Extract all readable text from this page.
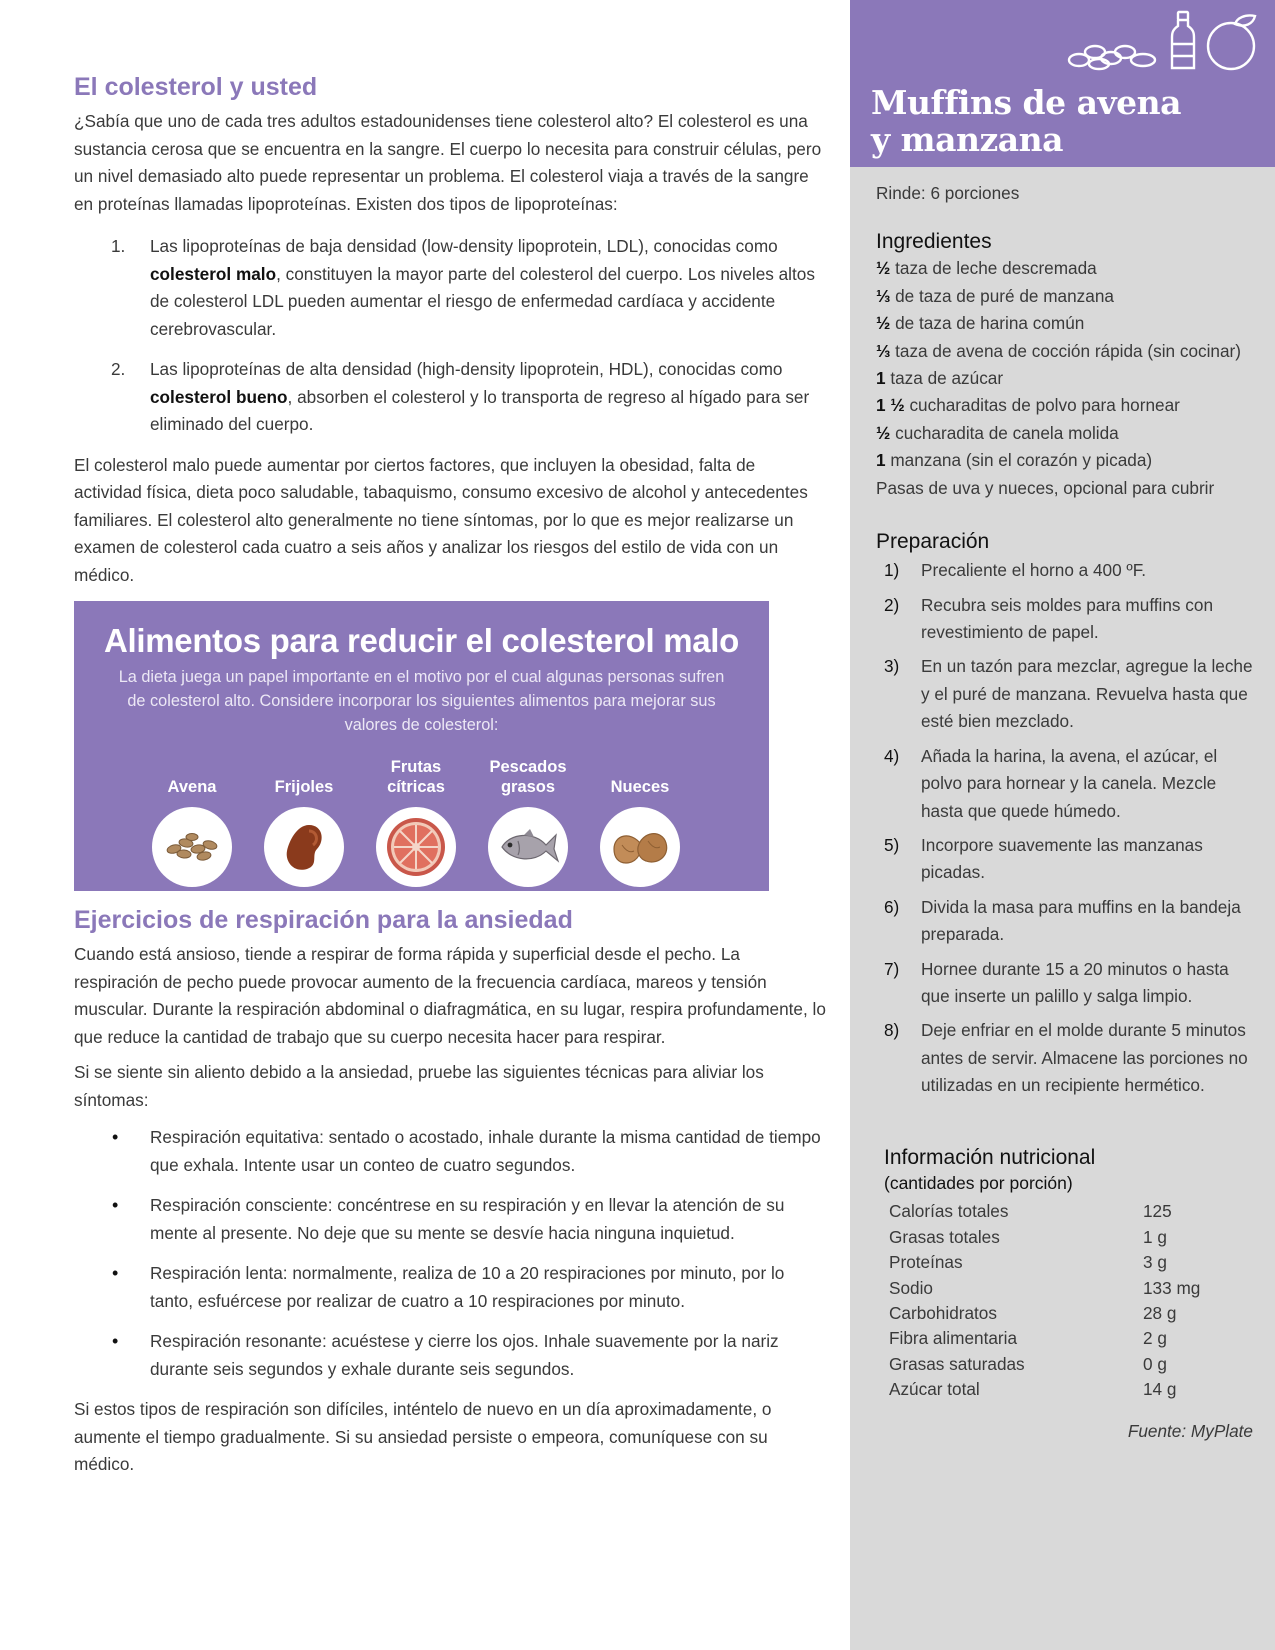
El colesterol y usted

¿Sabía que uno de cada tres adultos estadounidenses tiene colesterol alto? El colesterol es una sustancia cerosa que se encuentra en la sangre. El cuerpo lo necesita para construir células, pero un nivel demasiado alto puede representar un problema. El colesterol viaja a través de la sangre en proteínas llamadas lipoproteínas. Existen dos tipos de lipoproteínas:

1.	Las lipoproteínas de baja densidad (low-density lipoprotein, LDL), conocidas como colesterol malo, constituyen la mayor parte del colesterol del cuerpo. Los niveles altos de colesterol LDL pueden aumentar el riesgo de enfermedad cardíaca y accidente cerebrovascular.
2.	Las lipoproteínas de alta densidad (high-density lipoprotein, HDL), conocidas como colesterol bueno, absorben el colesterol y lo transporta de regreso al hígado para ser eliminado del cuerpo.

El colesterol malo puede aumentar por ciertos factores, que incluyen la obesidad, falta de actividad física, dieta poco saludable, tabaquismo, consumo excesivo de alcohol y antecedentes familiares. El colesterol alto generalmente no tiene síntomas, por lo que es mejor realizarse un examen de colesterol cada cuatro a seis años y analizar los riesgos del estilo de vida con un médico.

Alimentos para reducir el colesterol malo
La dieta juega un papel importante en el motivo por el cual algunas personas sufren de colesterol alto. Considere incorporar los siguientes alimentos para mejorar sus valores de colesterol:
Avena	Frijoles
Frutas cítricas
Pescados grasos	Nueces
Ejercicios de respiración para la ansiedad

Cuando está ansioso, tiende a respirar de forma rápida y superficial desde el pecho. La respiración de pecho puede provocar aumento de la frecuencia cardíaca, mareos y tensión muscular. Durante la respiración abdominal o diafragmática, en su lugar, respira profundamente, lo que reduce la cantidad de trabajo que su cuerpo necesita hacer para respirar.

Si se siente sin aliento debido a la ansiedad, pruebe las siguientes técnicas para aliviar los síntomas:

•	Respiración equitativa: sentado o acostado, inhale durante la misma cantidad de tiempo que exhala. Intente usar un conteo de cuatro segundos.
•	Respiración consciente: concéntrese en su respiración y en llevar la atención de su mente al presente. No deje que su mente se desvíe hacia ninguna inquietud.
•	Respiración lenta: normalmente, realiza de 10 a 20 respiraciones por minuto, por lo tanto, esfuércese por realizar de cuatro a 10 respiraciones por minuto.
•	Respiración resonante: acuéstese y cierre los ojos. Inhale suavemente por la nariz durante seis segundos y exhale durante seis segundos.

Si estos tipos de respiración son difíciles, inténtelo de nuevo en un día aproximadamente, o aumente el tiempo gradualmente. Si su ansiedad persiste o empeora, comuníquese con su médico.

Muffins de avena
y manzana
Rinde: 6 porciones
Ingredientes
½ taza de leche descremada
⅓ de taza de puré de manzana
½ de taza de harina común
⅓ taza de avena de cocción rápida (sin cocinar)
1 taza de azúcar
1 ½ cucharaditas de polvo para hornear
½ cucharadita de canela molida
1 manzana (sin el corazón y picada)
Pasas de uva y nueces, opcional para cubrir
Preparación
1)	Precaliente el horno a 400 ºF.
2)	Recubra seis moldes para muffins con revestimiento de papel.
3)	En un tazón para mezclar, agregue la leche y el puré de manzana. Revuelva hasta que esté bien mezclado.
4)	Añada la harina, la avena, el azúcar, el polvo para hornear y la canela. Mezcle hasta que quede húmedo.
5)	Incorpore suavemente las manzanas picadas.
6)	Divida la masa para muffins en la bandeja preparada.
7)	Hornee durante 15 a 20 minutos o hasta que inserte un palillo y salga limpio.
8)	Deje enfriar en el molde durante 5 minutos antes de servir. Almacene las porciones no utilizadas en un recipiente hermético.
Información nutricional
(cantidades por porción)
Calorías totales	125
Grasas totales	1 g
Proteínas	3 g
Sodio	133 mg
Carbohidratos	28 g
Fibra alimentaria	2 g
Grasas saturadas	0 g
Azúcar total	14 g
Fuente: MyPlate
